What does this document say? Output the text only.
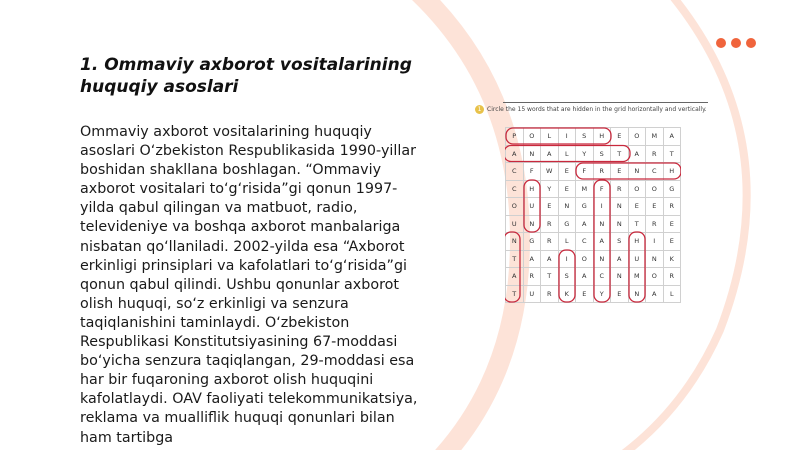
1. Ommaviy axborot vositalarining huquqiy asoslari

Ommaviy axborot vositalarining huquqiy asoslari O‘zbekiston Respublikasida 1990-yillar boshidan shakllana boshlagan. “Ommaviy axborot vositalari to‘g‘risida”gi qonun 1997-yilda qabul qilingan va matbuot, radio, televideniye va boshqa axborot manbalariga nisbatan qo‘llaniladi. 2002-yilda esa “Axborot erkinligi prinsiplari va kafolatlari to‘g‘risida”gi qonun qabul qilindi. Ushbu qonunlar axborot olish huquqi, so‘z erkinligi va senzura taqiqlanishini taminlaydi. O‘zbekiston Respublikasi Konstitutsiyasining 67-moddasi bo‘yicha senzura taqiqlangan, 29-moddasi esa har bir fuqaroning axborot olish huquqini kafolatlaydi. OAV faoliyati telekommunikatsiya, reklama va mualliflik huquqi qonunlari bilan ham tartibga

1 Circle the 15 words that are hidden in the grid horizontally and vertically.
P	O	L	I	S	H	E	O	M	A
A	N	A	L	Y	S	T	A	R	T
C	F	W	E	F	R	E	N	C	H
C	H	Y	E	M	F	R	O	O	G
O	U	E	N	G	I	N	E	E	R
U	N	R	G	A	N	N	T	R	E
N	G	R	L	C	A	S	H	I	E
T	A	A	I	O	N	A	U	N	K
A	R	T	S	A	C	N	M	O	R
T	U	R	K	E	Y	E	N	A	L
